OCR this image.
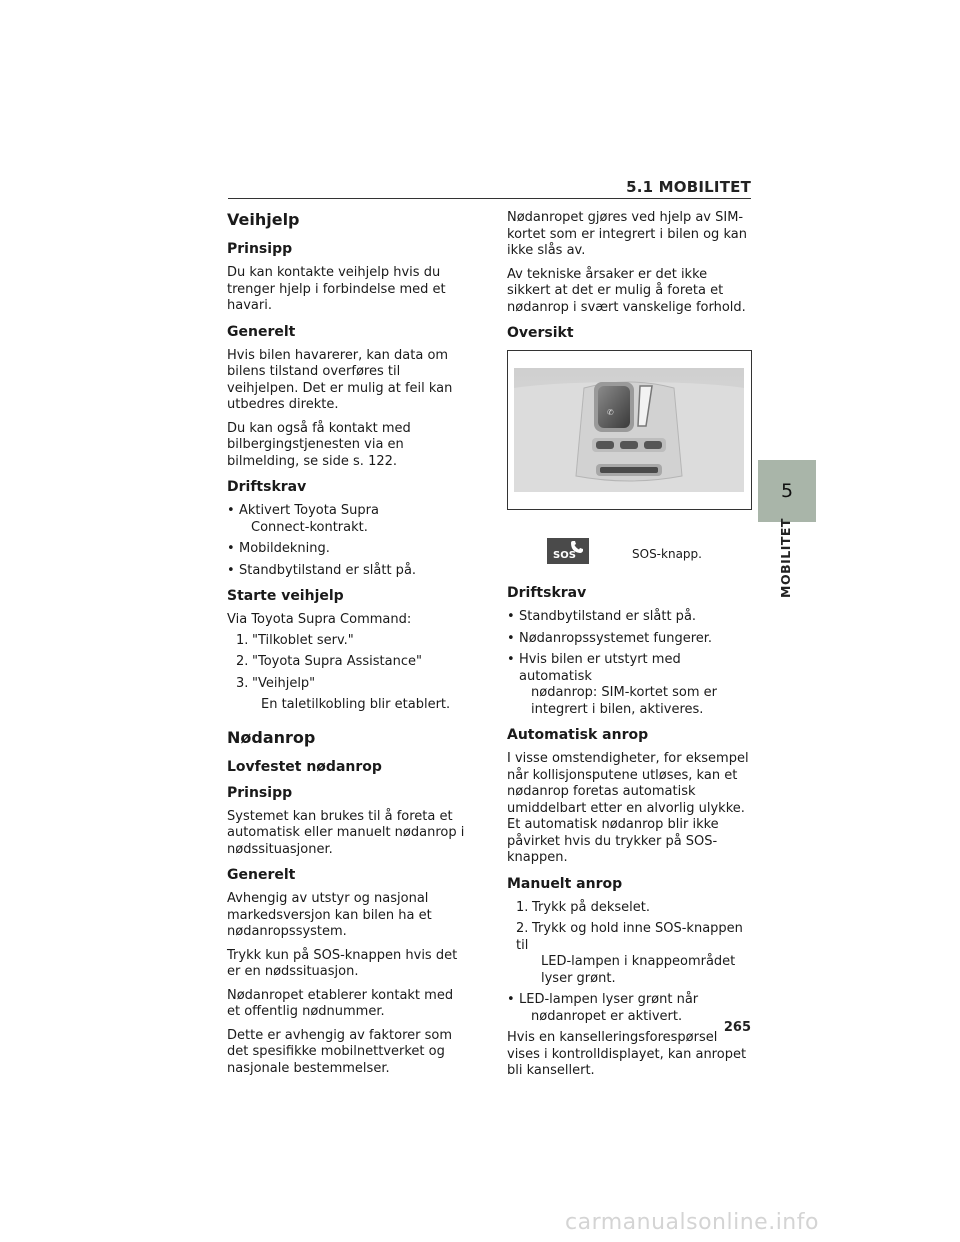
5.1 MOBILITET
Veihjelp
Prinsipp
Du kan kontakte veihjelp hvis du trenger hjelp i forbindelse med et havari.
Generelt
Hvis bilen havarerer, kan data om bilens tilstand overføres til veihjelpen. Det er mulig at feil kan utbedres direkte.
Du kan også få kontakt med bilbergingstjenesten via en bilmelding, se side s. 122.
Driftskrav
• Aktivert Toyota Supra
Connect-kontrakt.
• Mobildekning.
• Standbytilstand er slått på.
Starte veihjelp
Via Toyota Supra Command:
1. "Tilkoblet serv."
2. "Toyota Supra Assistance"
3. "Veihjelp"
En taletilkobling blir etablert.
Nødanrop
Lovfestet nødanrop
Prinsipp
Systemet kan brukes til å foreta et automatisk eller manuelt nødanrop i nødssituasjoner.
Generelt
Avhengig av utstyr og nasjonal markedsversjon kan bilen ha et nødanropssystem.
Trykk kun på SOS-knappen hvis det er en nødssituasjon.
Nødanropet etablerer kontakt med et offentlig nødnummer.
Dette er avhengig av faktorer som det spesifikke mobilnettverket og nasjonale bestemmelser.
Nødanropet gjøres ved hjelp av SIM-kortet som er integrert i bilen og kan ikke slås av.
Av tekniske årsaker er det ikke sikkert at det er mulig å foreta et nødanrop i svært vanskelige forhold.
Oversikt
✆
SOS	SOS-knapp.
Driftskrav
• Standbytilstand er slått på.
• Nødanropssystemet fungerer.
• Hvis bilen er utstyrt med automatisk
nødanrop: SIM-kortet som er integrert i bilen, aktiveres.
Automatisk anrop
I visse omstendigheter, for eksempel når kollisjonsputene utløses, kan et nødanrop foretas automatisk umiddelbart etter en alvorlig ulykke. Et automatisk nødanrop blir ikke påvirket hvis du trykker på SOS-knappen.
Manuelt anrop
1. Trykk på dekselet.
2. Trykk og hold inne SOS-knappen til
LED-lampen i knappeområdet lyser grønt.
• LED-lampen lyser grønt når
nødanropet er aktivert.
Hvis en kanselleringsforespørsel vises i kontrolldisplayet, kan anropet bli kansellert.
5
MOBILITET
265
carmanualsonline.info
